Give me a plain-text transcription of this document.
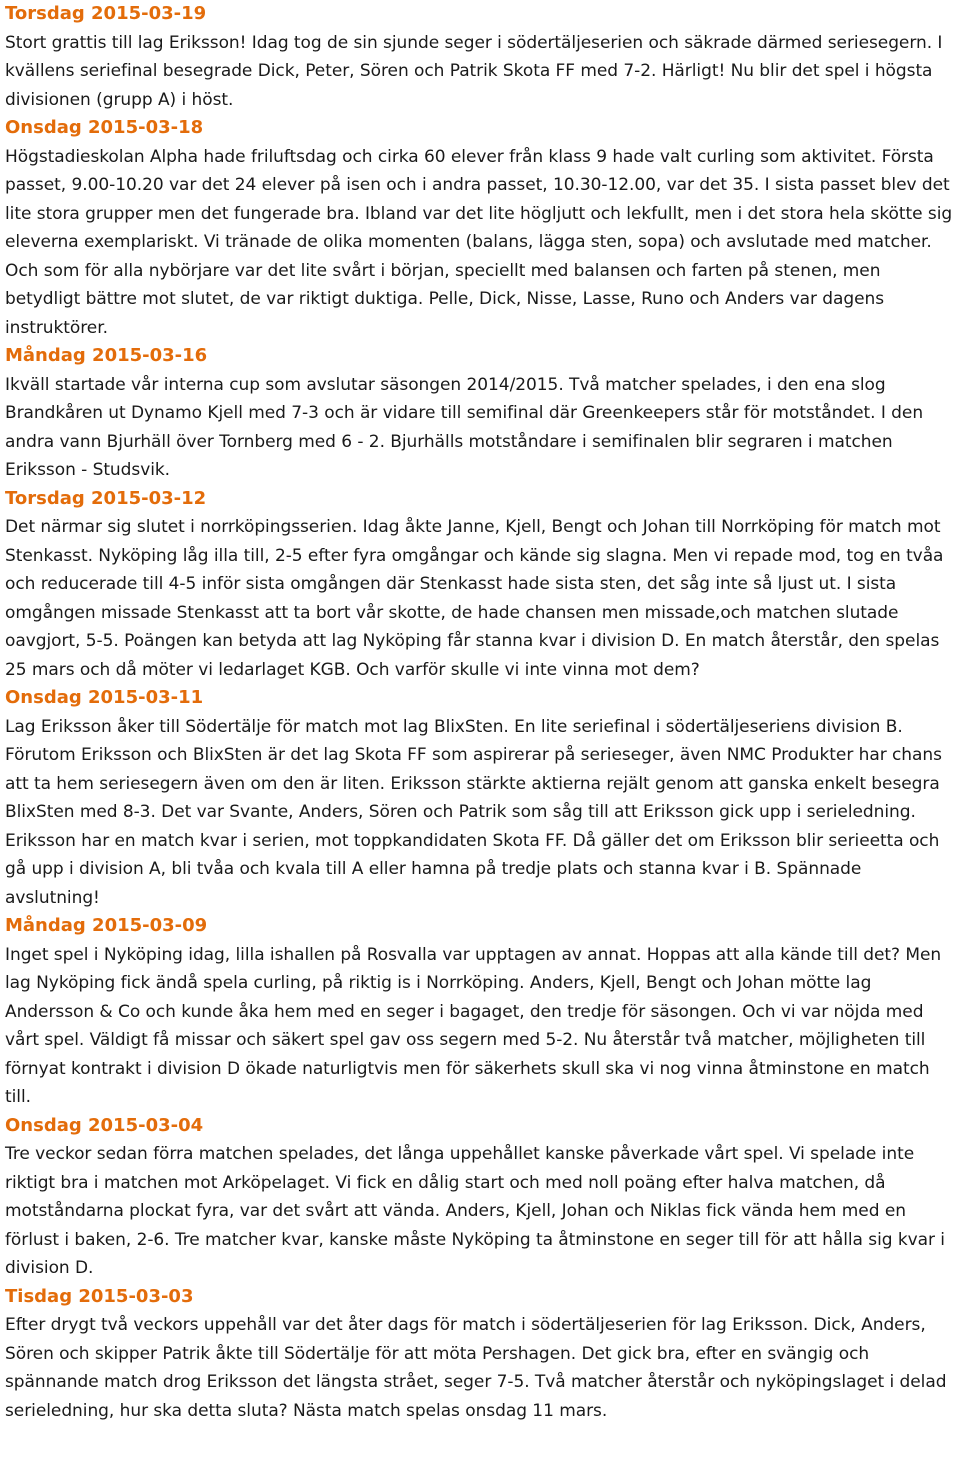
Torsdag 2015-03-19
Stort grattis till lag Eriksson! Idag tog de sin sjunde seger i södertäljeserien och säkrade därmed seriesegern. I kvällens seriefinal besegrade Dick, Peter, Sören och Patrik Skota FF med 7-2. Härligt! Nu blir det spel i högsta divisionen (grupp A) i höst.
Onsdag 2015-03-18
Högstadieskolan Alpha hade friluftsdag och cirka 60 elever från klass 9 hade valt curling som aktivitet. Första passet, 9.00-10.20 var det 24 elever på isen och i andra passet, 10.30-12.00, var det 35. I sista passet blev det lite stora grupper men det fungerade bra. Ibland var det lite högljutt och lekfullt, men i det stora hela skötte sig eleverna exemplariskt. Vi tränade de olika momenten (balans, lägga sten, sopa) och avslutade med matcher. Och som för alla nybörjare var det lite svårt i början, speciellt med balansen och farten på stenen, men betydligt bättre mot slutet, de var riktigt duktiga. Pelle, Dick, Nisse, Lasse, Runo och Anders var dagens instruktörer.
Måndag 2015-03-16
Ikväll startade vår interna cup som avslutar säsongen 2014/2015. Två matcher spelades, i den ena slog Brandkåren ut Dynamo Kjell med 7-3 och är vidare till semifinal där Greenkeepers står för motståndet. I den andra vann Bjurhäll över Tornberg med 6 - 2. Bjurhälls motståndare i semifinalen blir segraren i matchen Eriksson - Studsvik.
Torsdag 2015-03-12
Det närmar sig slutet i norrköpingsserien. Idag åkte Janne, Kjell, Bengt och Johan till Norrköping för match mot Stenkasst. Nyköping låg illa till, 2-5 efter fyra omgångar och kände sig slagna. Men vi repade mod, tog en tvåa och reducerade till 4-5 inför sista omgången där Stenkasst hade sista sten, det såg inte så ljust ut. I sista omgången missade Stenkasst att ta bort vår skotte, de hade chansen men missade,och matchen slutade oavgjort, 5-5. Poängen kan betyda att lag Nyköping får stanna kvar i division D. En match återstår, den spelas 25 mars och då möter vi ledarlaget KGB. Och varför skulle vi inte vinna mot dem?
Onsdag 2015-03-11
Lag Eriksson åker till Södertälje för match mot lag BlixSten. En lite seriefinal i södertäljeseriens division B. Förutom Eriksson och BlixSten är det lag Skota FF som aspirerar på serieseger, även NMC Produkter har chans att ta hem seriesegern även om den är liten. Eriksson stärkte aktierna rejält genom att ganska enkelt besegra BlixSten med 8-3. Det var Svante, Anders, Sören och Patrik som såg till att Eriksson gick upp i serieledning. Eriksson har en match kvar i serien, mot toppkandidaten Skota FF. Då gäller det om Eriksson blir serieetta och gå upp i division A, bli tvåa och kvala till A eller hamna på tredje plats och stanna kvar i B. Spännade avslutning!
Måndag 2015-03-09
Inget spel i Nyköping idag, lilla ishallen på Rosvalla var upptagen av annat. Hoppas att alla kände till det? Men lag Nyköping fick ändå spela curling, på riktig is i Norrköping. Anders, Kjell, Bengt och Johan mötte lag Andersson & Co och kunde åka hem med en seger i bagaget, den tredje för säsongen. Och vi var nöjda med vårt spel. Väldigt få missar och säkert spel gav oss segern med 5-2. Nu återstår två matcher, möjligheten till förnyat kontrakt i division D ökade naturligtvis men för säkerhets skull ska vi nog vinna åtminstone en match till.
Onsdag 2015-03-04
Tre veckor sedan förra matchen spelades, det långa uppehållet kanske påverkade vårt spel. Vi spelade inte riktigt bra i matchen mot Arköpelaget. Vi fick en dålig start och med noll poäng efter halva matchen, då motståndarna plockat fyra, var det svårt att vända. Anders, Kjell, Johan och Niklas fick vända hem med en förlust i baken, 2-6. Tre matcher kvar, kanske måste Nyköping ta åtminstone en seger till för att hålla sig kvar i division D.
Tisdag 2015-03-03
Efter drygt två veckors uppehåll var det åter dags för match i södertäljeserien för lag Eriksson. Dick, Anders, Sören och skipper Patrik åkte till Södertälje för att möta Pershagen. Det gick bra, efter en svängig och spännande match drog Eriksson det längsta strået, seger 7-5. Två matcher återstår och nyköpingslaget i delad serieledning, hur ska detta sluta? Nästa match spelas onsdag 11 mars.
